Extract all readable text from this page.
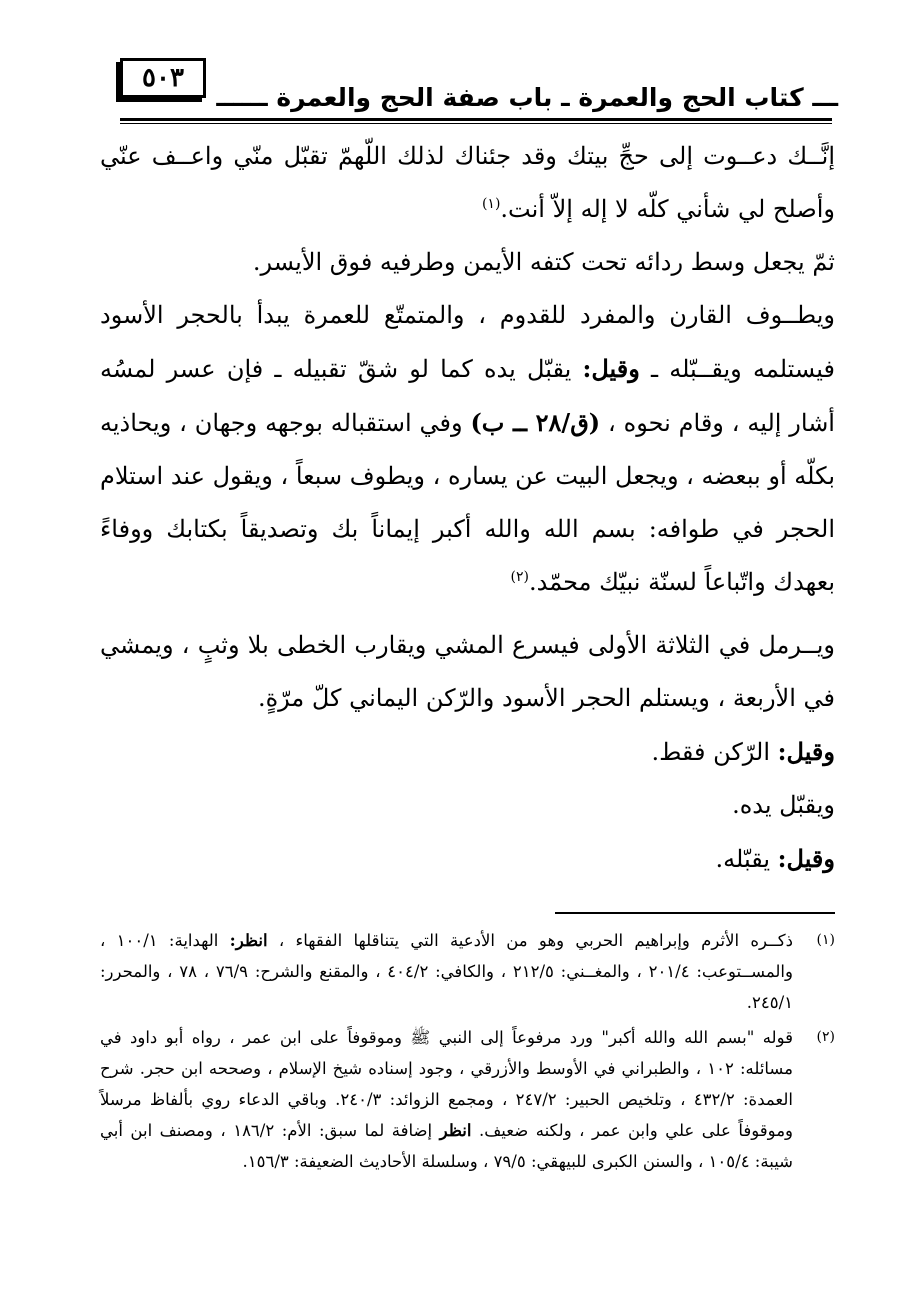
٥٠٣
ـــ كتاب الحج والعمرة ـ باب صفة الحج والعمرة ــــــ

إنَّــك دعــوت إلى حجِّ بيتك وقد جئناك لذلك اللّهمّ تقبّل منّي واعــف عنّي وأصلح لي شأني كلّه لا إله إلاّ أنت.$^{(١)}$

ثمّ يجعل وسط ردائه تحت كتفه الأيمن وطرفيه فوق الأيسر.

ويطــوف القارن والمفرد للقدوم ، والمتمتّع للعمرة يبدأ بالحجر الأسود فيستلمه ويقــبّله ـ وقيل: يقبّل يده كما لو شقّ تقبيله ـ فإن عسر لمسُه أشار إليه ، وقام نحوه ، (ق/٢٨ ــ ب) وفي استقباله بوجهه وجهان ، ويحاذيه بكلّه أو ببعضه ، ويجعل البيت عن يساره ، ويطوف سبعاً ، ويقول عند استلام الحجر في طوافه: بسم الله والله أكبر إيماناً بك وتصديقاً بكتابك ووفاءً بعهدك واتّباعاً لسنّة نبيّك محمّد.$^{(٢)}$

ويــرمل في الثلاثة الأولى فيسرع المشي ويقارب الخطى بلا وثبٍ ، ويمشي في الأربعة ، ويستلم الحجر الأسود والرّكن اليماني كلّ مرّةٍ.

وقيل: الرّكن فقط.

ويقبّل يده.

وقيل: يقبّله.

(١)
ذكــره الأثرم وإبراهيم الحربي وهو من الأدعية التي يتناقلها الفقهاء ، انظر: الهداية: ١٠٠/١ ، والمســتوعب: ٢٠١/٤ ، والمغــني: ٢١٢/٥ ، والكافي: ٤٠٤/٢ ، والمقنع والشرح: ٧٦/٩ ، ٧٨ ، والمحرر: ٢٤٥/١.
(٢)
قوله "بسم الله والله أكبر" ورد مرفوعاً إلى النبي ﷺ وموقوفاً على ابن عمر ، رواه أبو داود في مسائله: ١٠٢ ، والطبراني في الأوسط والأزرقي ، وجود إسناده شيخ الإسلام ، وصححه ابن حجر. شرح العمدة: ٤٣٢/٢ ، وتلخيص الحبير: ٢٤٧/٢ ، ومجمع الزوائد: ٢٤٠/٣. وباقي الدعاء روي بألفاظ مرسلاً وموقوفاً على علي وابن عمر ، ولكنه ضعيف. انظر إضافة لما سبق: الأم: ١٨٦/٢ ، ومصنف ابن أبي شيبة: ١٠٥/٤ ، والسنن الكبرى للبيهقي: ٧٩/٥ ، وسلسلة الأحاديث الضعيفة: ١٥٦/٣.
